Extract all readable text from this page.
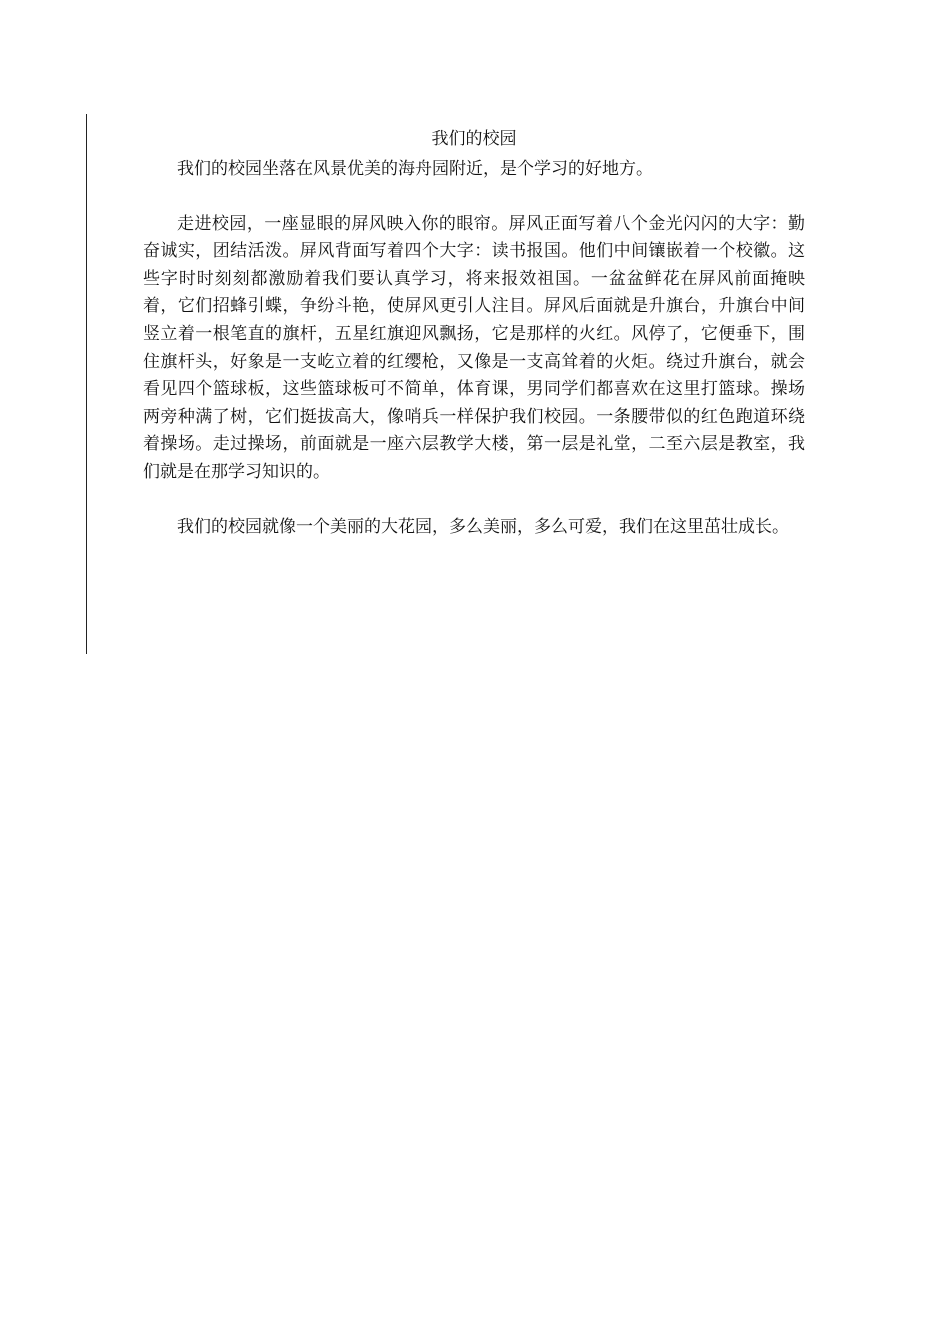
我们的校园

我们的校园坐落在风景优美的海舟园附近，是个学习的好地方。

走进校园，一座显眼的屏风映入你的眼帘。屏风正面写着八个金光闪闪的大字：勤奋诚实，团结活泼。屏风背面写着四个大字：读书报国。他们中间镶嵌着一个校徽。这些字时时刻刻都激励着我们要认真学习，将来报效祖国。一盆盆鲜花在屏风前面掩映着，它们招蜂引蝶，争纷斗艳，使屏风更引人注目。屏风后面就是升旗台，升旗台中间竖立着一根笔直的旗杆，五星红旗迎风飘扬，它是那样的火红。风停了，它便垂下，围住旗杆头，好象是一支屹立着的红缨枪，又像是一支高耸着的火炬。绕过升旗台，就会看见四个篮球板，这些篮球板可不简单，体育课，男同学们都喜欢在这里打篮球。操场两旁种满了树，它们挺拔高大，像哨兵一样保护我们校园。一条腰带似的红色跑道环绕着操场。走过操场，前面就是一座六层教学大楼，第一层是礼堂，二至六层是教室，我们就是在那学习知识的。

我们的校园就像一个美丽的大花园，多么美丽，多么可爱，我们在这里茁壮成长。
